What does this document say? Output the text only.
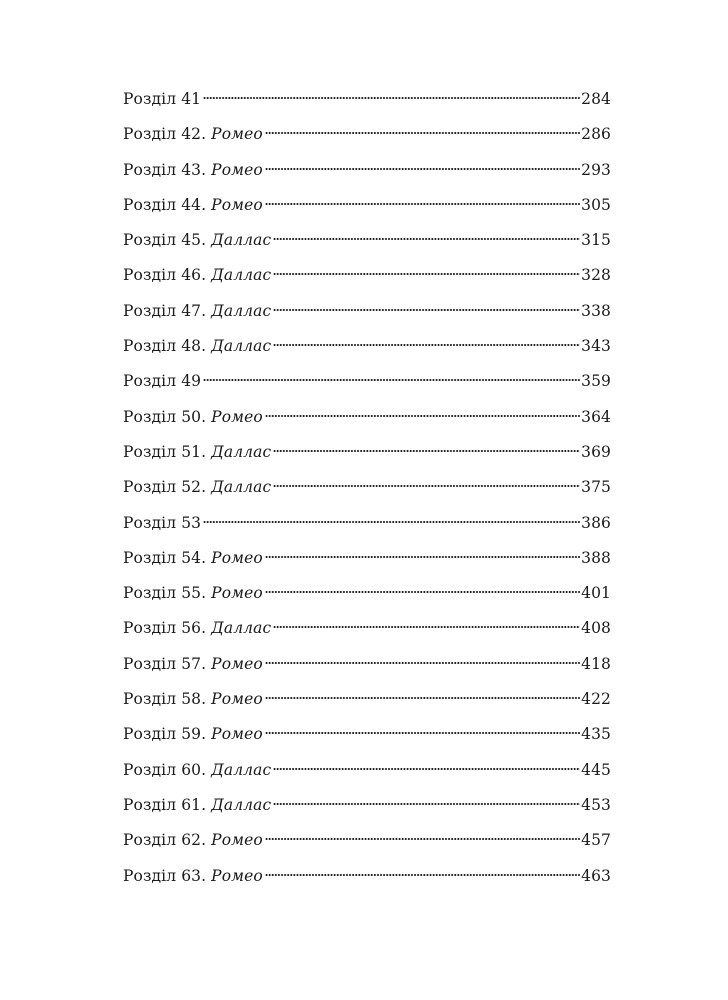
Розділ 41	284
Розділ 42. Ромео	286
Розділ 43. Ромео	293
Розділ 44. Ромео	305
Розділ 45. Даллас	315
Розділ 46. Даллас	328
Розділ 47. Даллас	338
Розділ 48. Даллас	343
Розділ 49	359
Розділ 50. Ромео	364
Розділ 51. Даллас	369
Розділ 52. Даллас	375
Розділ 53	386
Розділ 54. Ромео	388
Розділ 55. Ромео	401
Розділ 56. Даллас	408
Розділ 57. Ромео	418
Розділ 58. Ромео	422
Розділ 59. Ромео	435
Розділ 60. Даллас	445
Розділ 61. Даллас	453
Розділ 62. Ромео	457
Розділ 63. Ромео	463
